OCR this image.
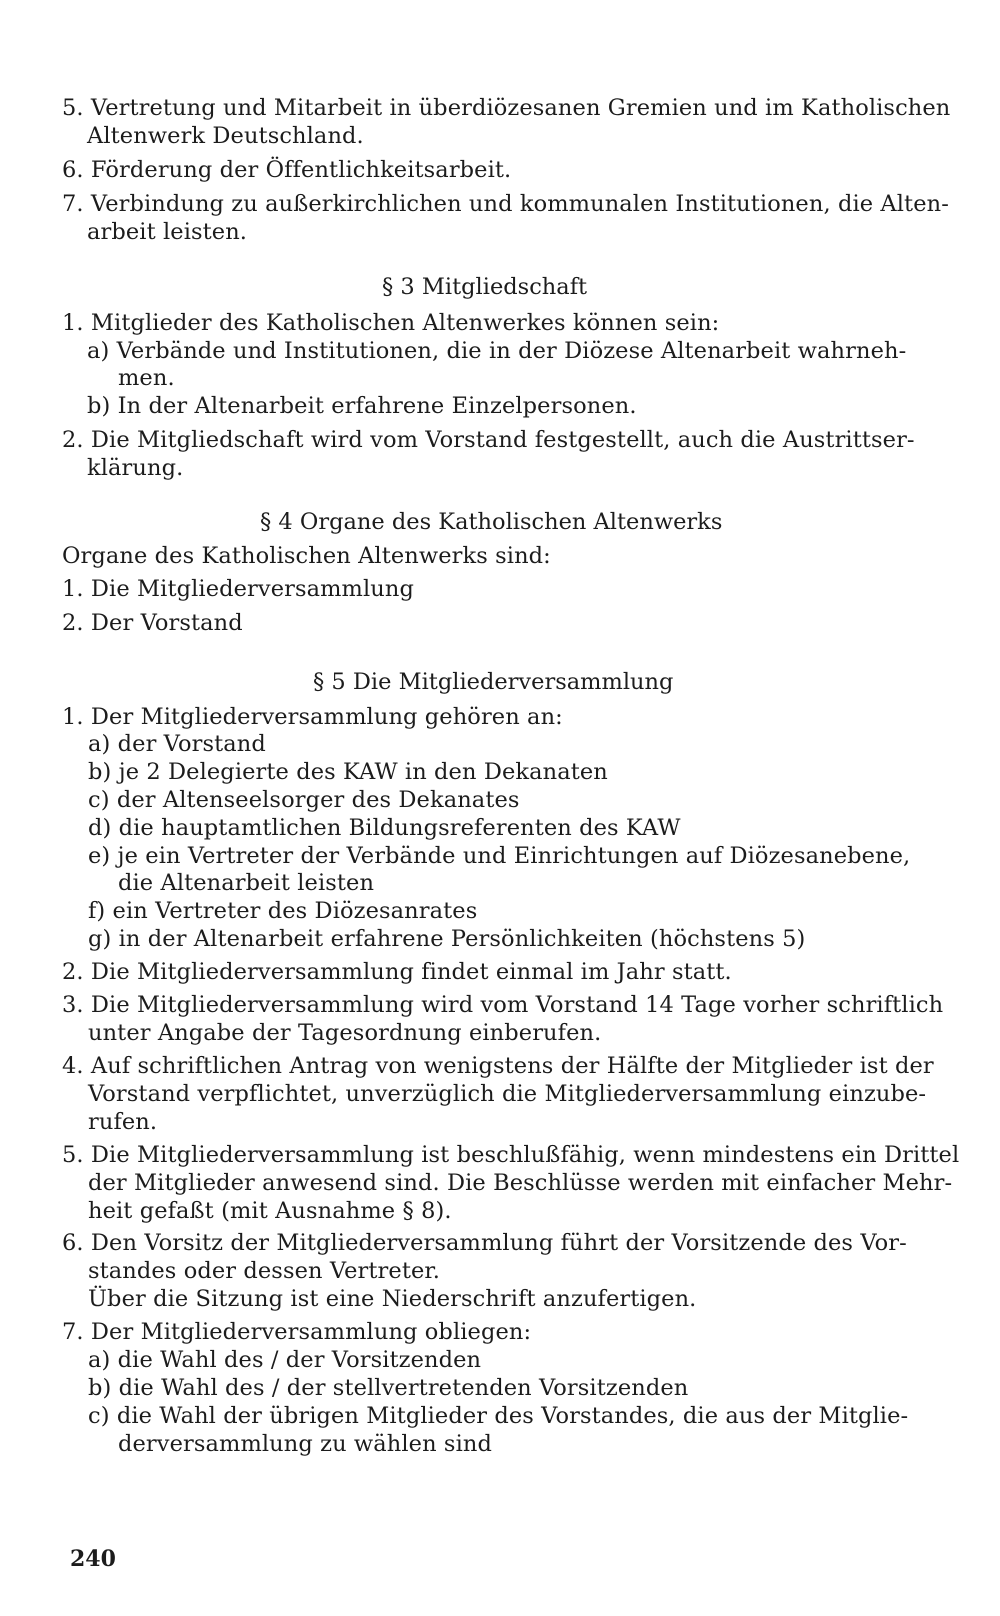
5. Vertretung und Mitarbeit in überdiözesanen Gremien und im Katholischen
Altenwerk Deutschland.
6. Förderung der Öffentlichkeitsarbeit.
7. Verbindung zu außerkirchlichen und kommunalen Institutionen, die Alten-
arbeit leisten.
§ 3 Mitgliedschaft
1. Mitglieder des Katholischen Altenwerkes können sein:
a) Verbände und Institutionen, die in der Diözese Altenarbeit wahrneh-
men.
b) In der Altenarbeit erfahrene Einzelpersonen.
2. Die Mitgliedschaft wird vom Vorstand festgestellt, auch die Austrittser-
klärung.
§ 4 Organe des Katholischen Altenwerks
Organe des Katholischen Altenwerks sind:
1. Die Mitgliederversammlung
2. Der Vorstand
§ 5 Die Mitgliederversammlung
1. Der Mitgliederversammlung gehören an:
a) der Vorstand
b) je 2 Delegierte des KAW in den Dekanaten
c) der Altenseelsorger des Dekanates
d) die hauptamtlichen Bildungsreferenten des KAW
e) je ein Vertreter der Verbände und Einrichtungen auf Diözesanebene,
die Altenarbeit leisten
f) ein Vertreter des Diözesanrates
g) in der Altenarbeit erfahrene Persönlichkeiten (höchstens 5)
2. Die Mitgliederversammlung findet einmal im Jahr statt.
3. Die Mitgliederversammlung wird vom Vorstand 14 Tage vorher schriftlich
unter Angabe der Tagesordnung einberufen.
4. Auf schriftlichen Antrag von wenigstens der Hälfte der Mitglieder ist der
Vorstand verpflichtet, unverzüglich die Mitgliederversammlung einzube-
rufen.
5. Die Mitgliederversammlung ist beschlußfähig, wenn mindestens ein Drittel
der Mitglieder anwesend sind. Die Beschlüsse werden mit einfacher Mehr-
heit gefaßt (mit Ausnahme § 8).
6. Den Vorsitz der Mitgliederversammlung führt der Vorsitzende des Vor-
standes oder dessen Vertreter.
Über die Sitzung ist eine Niederschrift anzufertigen.
7. Der Mitgliederversammlung obliegen:
a) die Wahl des / der Vorsitzenden
b) die Wahl des / der stellvertretenden Vorsitzenden
c) die Wahl der übrigen Mitglieder des Vorstandes, die aus der Mitglie-
derversammlung zu wählen sind
240
